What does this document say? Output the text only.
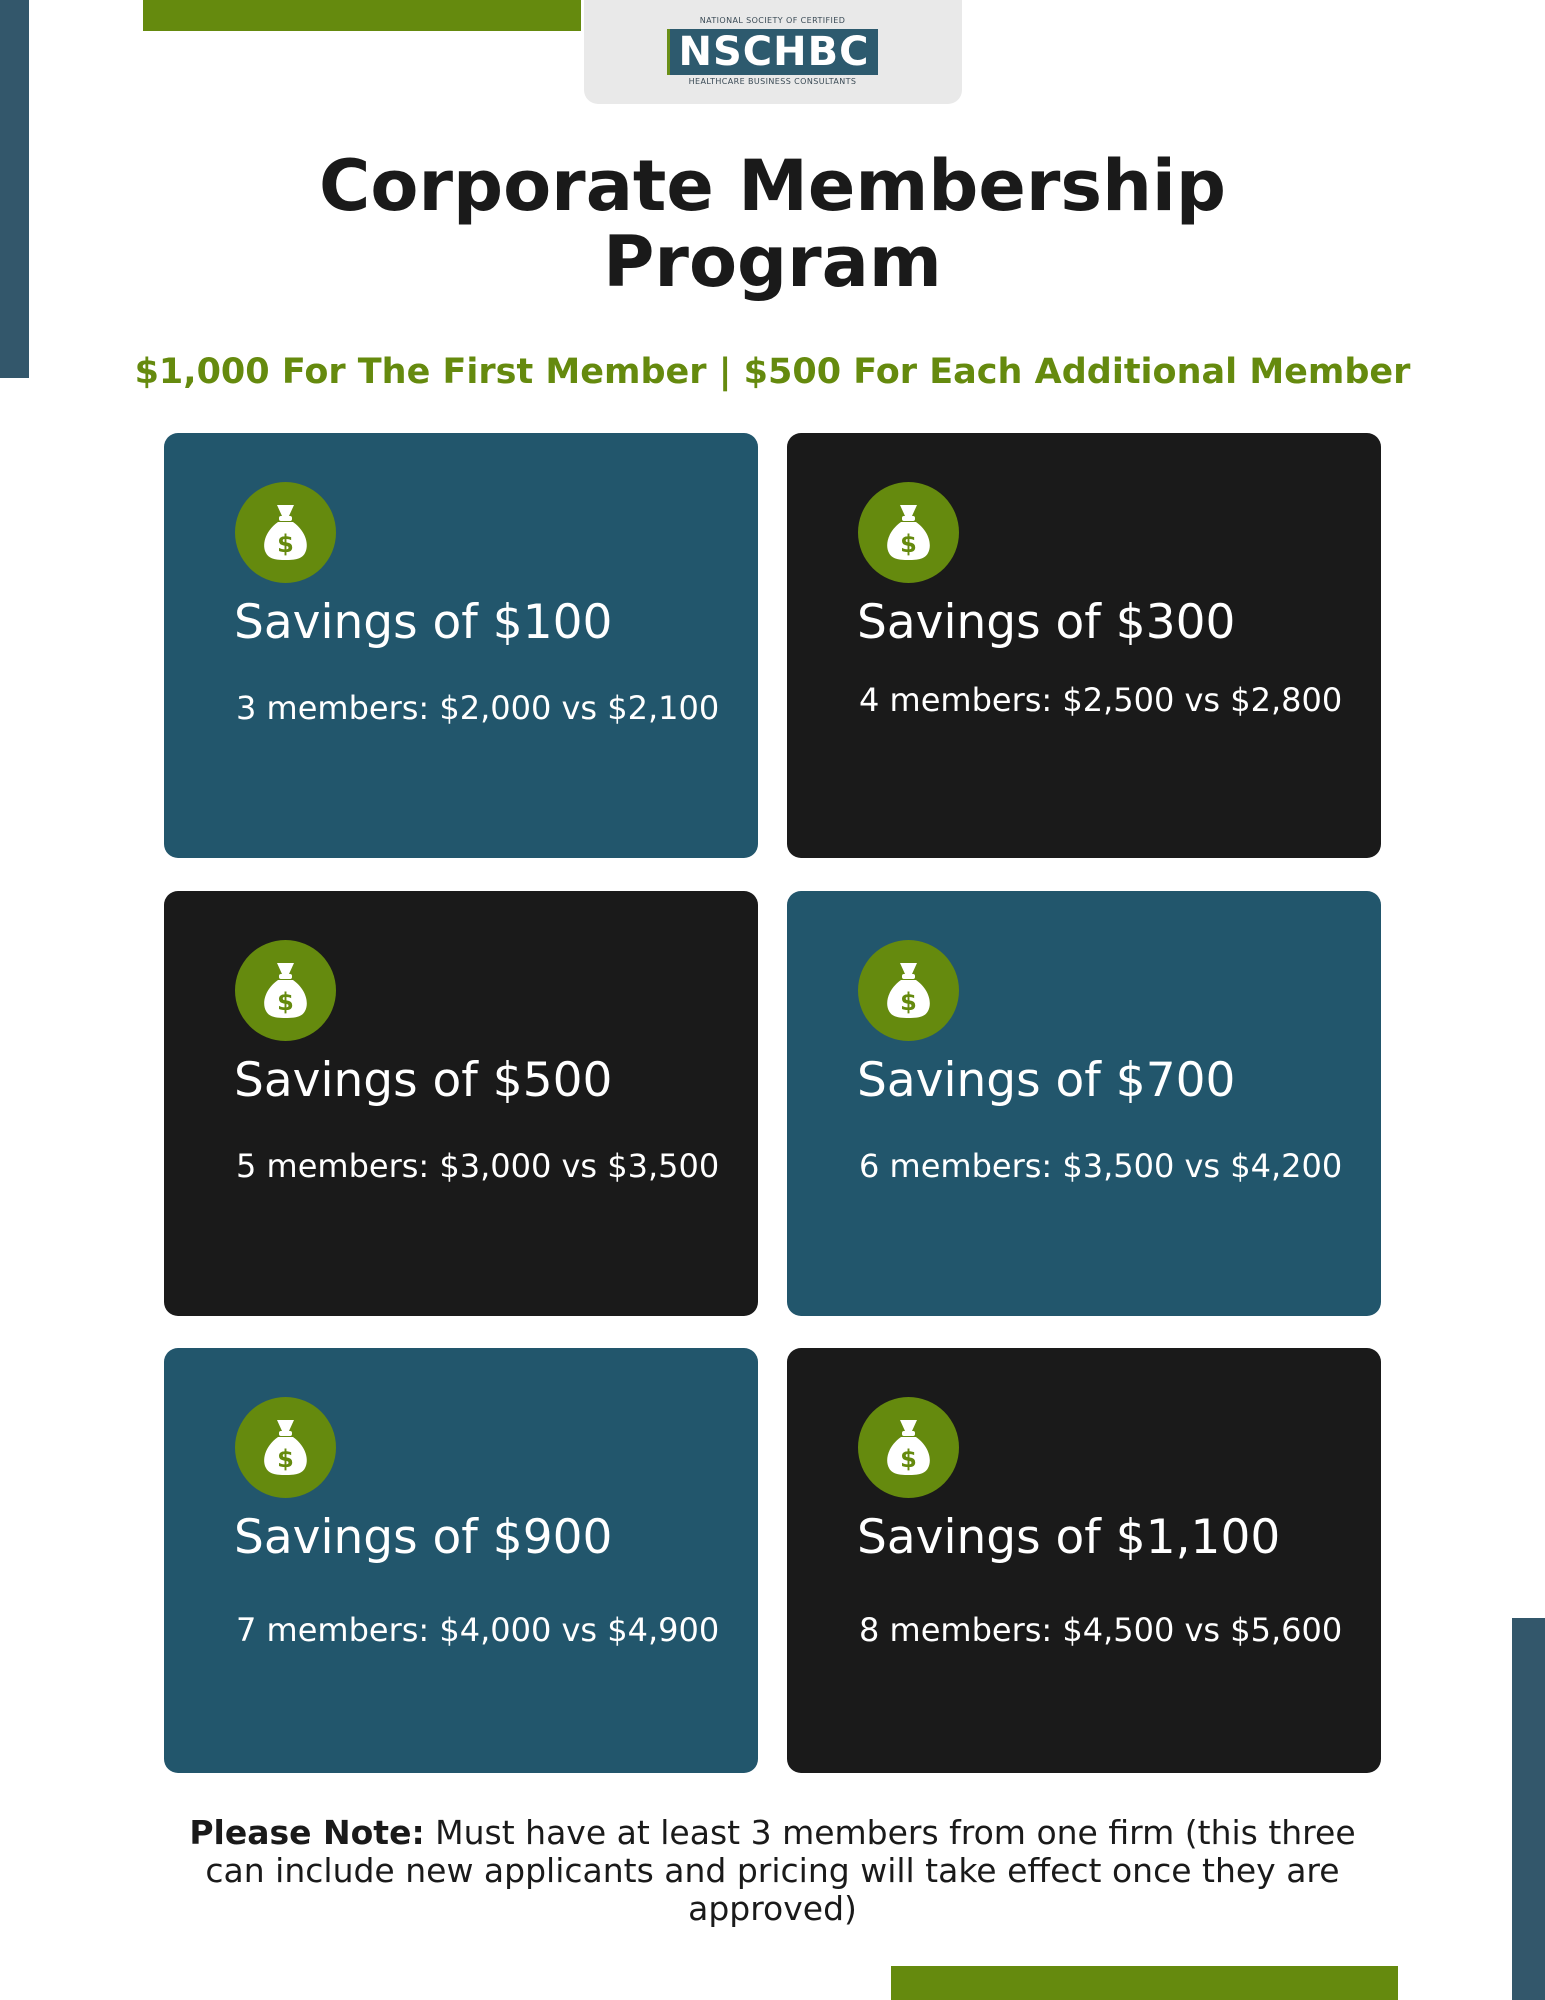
NATIONAL SOCIETY OF CERTIFIED
NSCHBC
HEALTHCARE BUSINESS CONSULTANTS
Corporate Membership Program

$1,000 For The First Member | $500 For Each Additional Member

$
Savings of $100

3 members: $2,000 vs $2,100

$
Savings of $300

4 members: $2,500 vs $2,800

$
Savings of $500

5 members: $3,000 vs $3,500

$
Savings of $700

6 members: $3,500 vs $4,200

$
Savings of $900

7 members: $4,000 vs $4,900

$
Savings of $1,100

8 members: $4,500 vs $5,600

Please Note: Must have at least 3 members from one firm (this three can include new applicants and pricing will take effect once they are approved)
